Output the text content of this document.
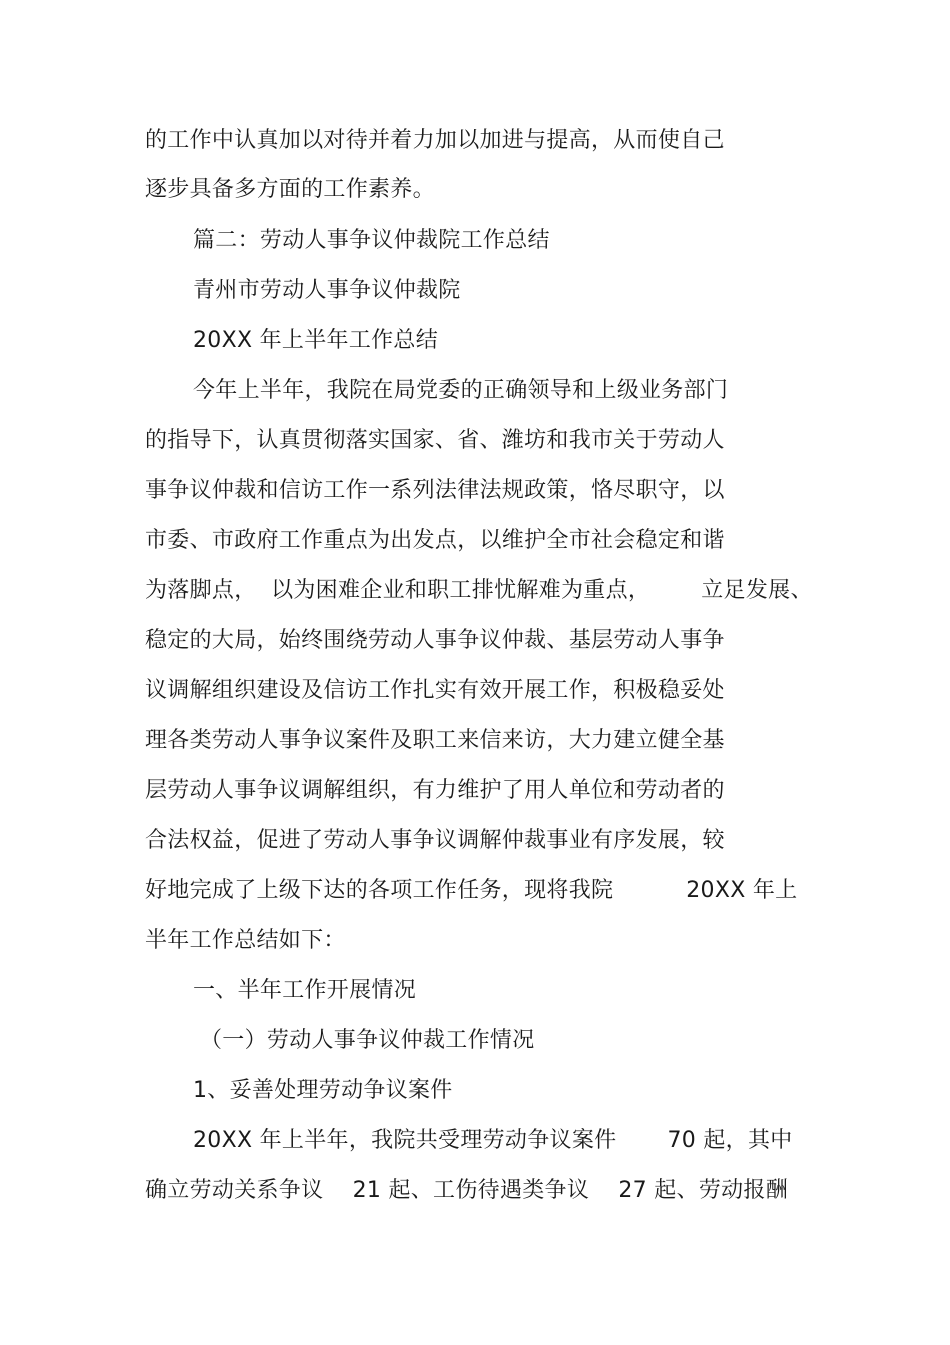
的工作中认真加以对待并着力加以加进与提高，从而使自己
逐步具备多方面的工作素养。
篇二：劳动人事争议仲裁院工作总结
青州市劳动人事争议仲裁院
20XX 年上半年工作总结
今年上半年，我院在局党委的正确领导和上级业务部门
的指导下，认真贯彻落实国家、省、潍坊和我市关于劳动人
事争议仲裁和信访工作一系列法律法规政策，恪尽职守，以
市委、市政府工作重点为出发点，以维护全市社会稳定和谐
为落脚点，  以为困难企业和职工排忧解难为重点，       立足发展、
稳定的大局，始终围绕劳动人事争议仲裁、基层劳动人事争
议调解组织建设及信访工作扎实有效开展工作，积极稳妥处
理各类劳动人事争议案件及职工来信来访，大力建立健全基
层劳动人事争议调解组织，有力维护了用人单位和劳动者的
合法权益，促进了劳动人事争议调解仲裁事业有序发展，较
好地完成了上级下达的各项工作任务，现将我院          20XX 年上
半年工作总结如下：
一、半年工作开展情况
（一）劳动人事争议仲裁工作情况
1、妥善处理劳动争议案件
20XX 年上半年，我院共受理劳动争议案件       70 起，其中
确立劳动关系争议    21 起、工伤待遇类争议    27 起、劳动报酬
